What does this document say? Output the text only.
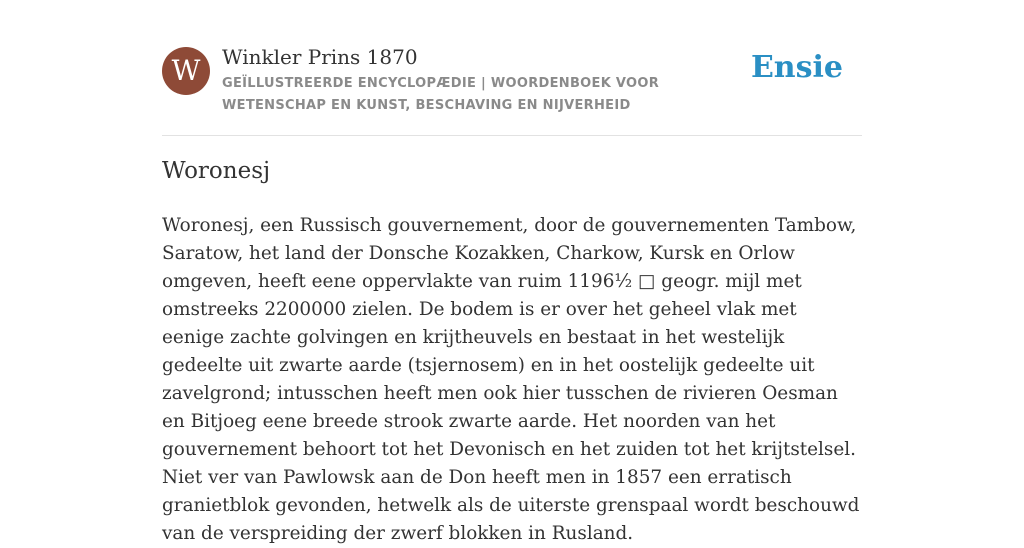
W	Winkler Prins 1870
GEÏLLUSTREERDE ENCYCLOPÆDIE | WOORDENBOEK VOOR WETENSCHAP EN KUNST, BESCHAVING EN NIJVERHEID
Ensie
Woronesj

Woronesj, een Russisch gouvernement, door de gouvernementen Tambow, Saratow, het land der Donsche Kozakken, Charkow, Kursk en Orlow omgeven, heeft eene oppervlakte van ruim 1196½ □ geogr. mijl met omstreeks 2200000 zielen. De bodem is er over het geheel vlak met eenige zachte golvingen en krijtheuvels en bestaat in het westelijk gedeelte uit zwarte aarde (tsjernosem) en in het oostelijk gedeelte uit zavelgrond; intusschen heeft men ook hier tusschen de rivieren Oesman en Bitjoeg eene breede strook zwarte aarde. Het noorden van het gouvernement behoort tot het Devonisch en het zuiden tot het krijtstelsel. Niet ver van Pawlowsk aan de Don heeft men in 1857 een erratisch granietblok gevonden, hetwelk als de uiterste grenspaal wordt beschouwd van de verspreiding der zwerf blokken in Rusland.
